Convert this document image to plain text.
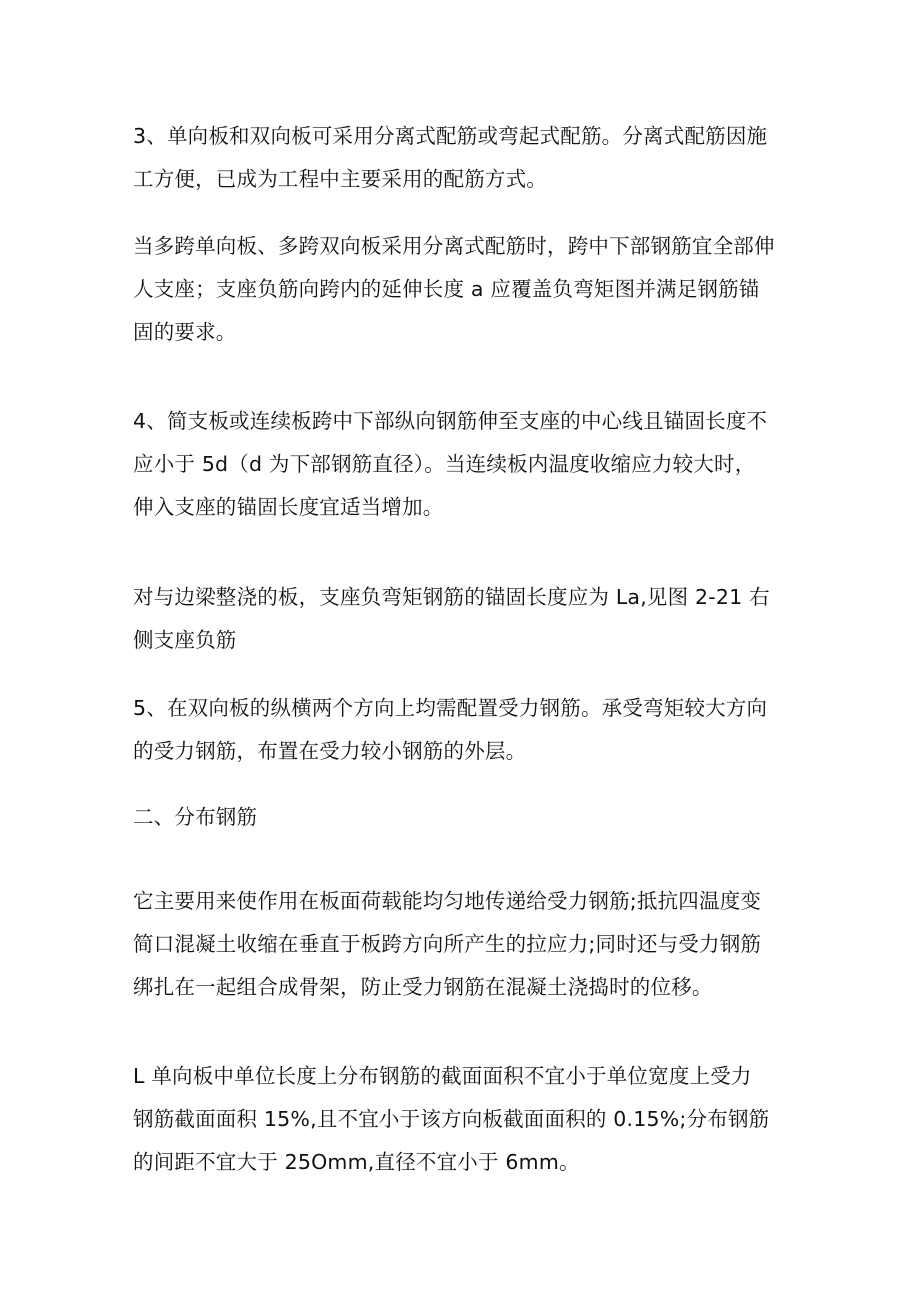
3、单向板和双向板可采用分离式配筋或弯起式配筋。分离式配筋因施
工方便，已成为工程中主要采用的配筋方式。

当多跨单向板、多跨双向板采用分离式配筋时，跨中下部钢筋宜全部伸
人支座；支座负筋向跨内的延伸长度 a 应覆盖负弯矩图并满足钢筋锚
固的要求。

4、简支板或连续板跨中下部纵向钢筋伸至支座的中心线且锚固长度不
应小于 5d（d 为下部钢筋直径）。当连续板内温度收缩应力较大时，
伸入支座的锚固长度宜适当增加。

对与边梁整浇的板，支座负弯矩钢筋的锚固长度应为 La,见图 2-21 右
侧支座负筋

5、在双向板的纵横两个方向上均需配置受力钢筋。承受弯矩较大方向
的受力钢筋，布置在受力较小钢筋的外层。

二、分布钢筋

它主要用来使作用在板面荷载能均匀地传递给受力钢筋;抵抗四温度变
简口混凝土收缩在垂直于板跨方向所产生的拉应力;同时还与受力钢筋
绑扎在一起组合成骨架，防止受力钢筋在混凝土浇捣时的位移。

L 单向板中单位长度上分布钢筋的截面面积不宜小于单位宽度上受力
钢筋截面面积 15%,且不宜小于该方向板截面面积的 0.15%;分布钢筋
的间距不宜大于 25Omm,直径不宜小于 6mm。
